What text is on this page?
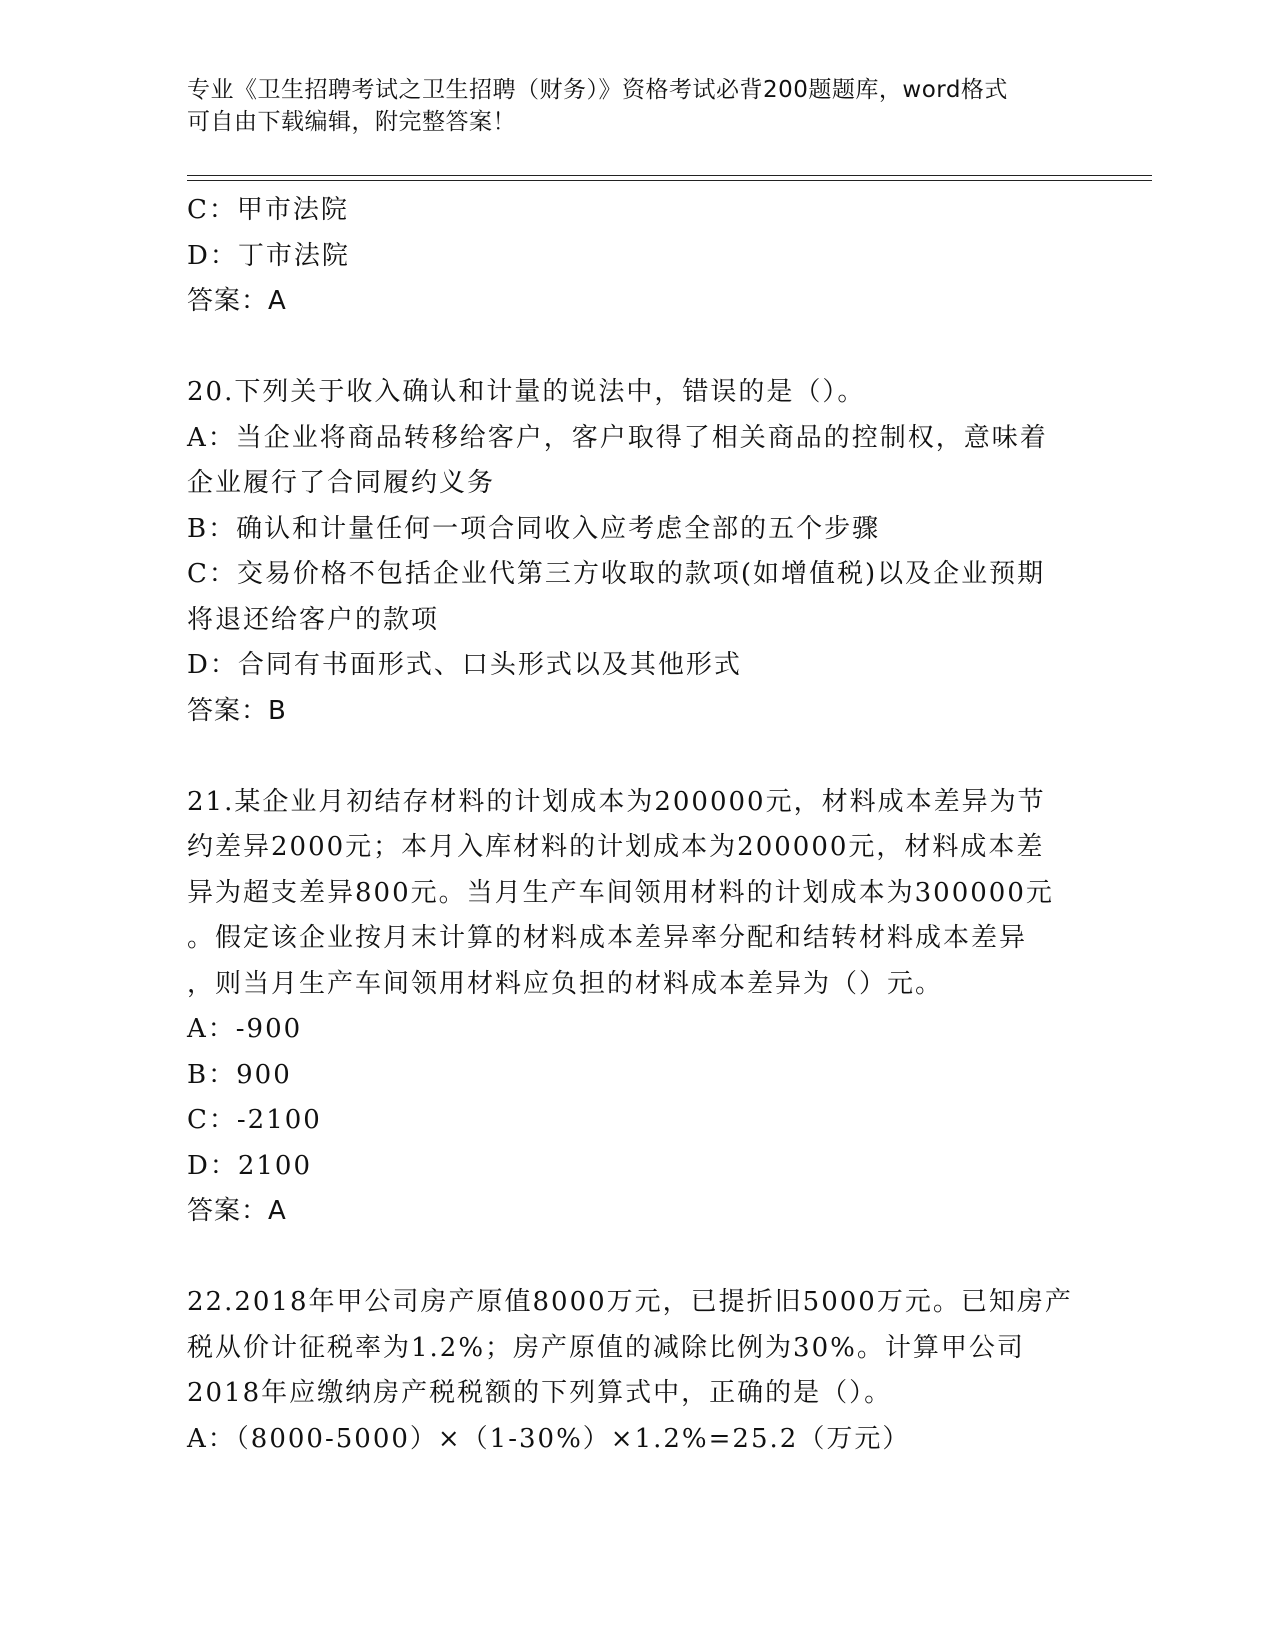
专业《卫生招聘考试之卫生招聘（财务）》资格考试必背200题题库，word格式
可自由下载编辑，附完整答案！
C：甲市法院
D：丁市法院
答案：A
20.下列关于收入确认和计量的说法中，错误的是（）。
A：当企业将商品转移给客户，客户取得了相关商品的控制权，意味着
企业履行了合同履约义务
B：确认和计量任何一项合同收入应考虑全部的五个步骤
C：交易价格不包括企业代第三方收取的款项(如增值税)以及企业预期
将退还给客户的款项
D：合同有书面形式、口头形式以及其他形式
答案：B
21.某企业月初结存材料的计划成本为200000元，材料成本差异为节
约差异2000元；本月入库材料的计划成本为200000元，材料成本差
异为超支差异800元。当月生产车间领用材料的计划成本为300000元
。假定该企业按月末计算的材料成本差异率分配和结转材料成本差异
，则当月生产车间领用材料应负担的材料成本差异为（）元。
A：-900
B：900
C：-2100
D：2100
答案：A
22.2018年甲公司房产原值8000万元，已提折旧5000万元。已知房产
税从价计征税率为1.2%；房产原值的减除比例为30%。计算甲公司
2018年应缴纳房产税税额的下列算式中，正确的是（）。
A：（8000-5000）×（1-30%）×1.2%=25.2（万元）
